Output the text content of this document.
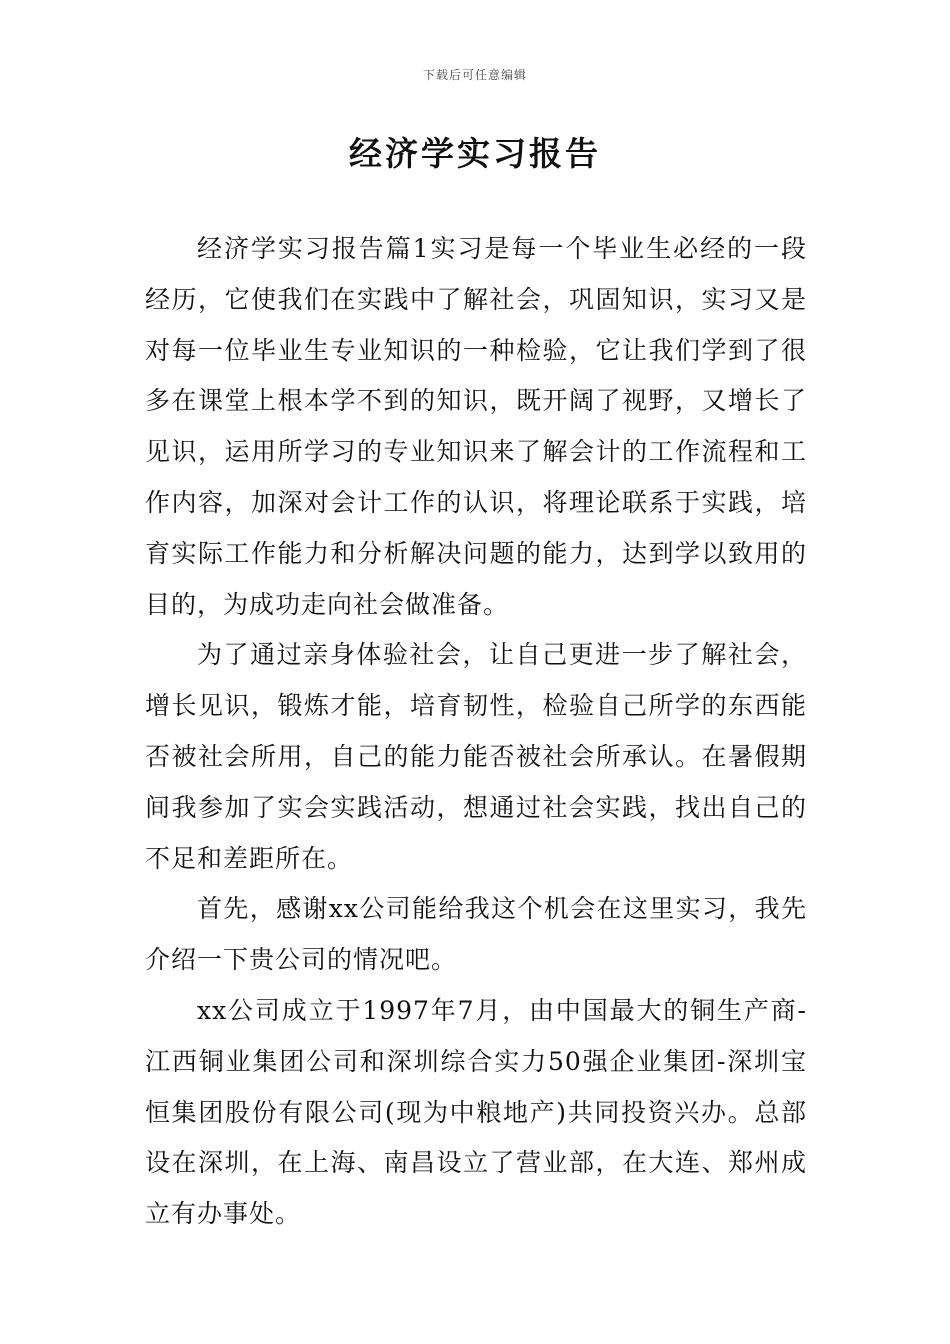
下载后可任意编辑
经济学实习报告

经济学实习报告篇1实习是每一个毕业生必经的一段经历，它使我们在实践中了解社会，巩固知识，实习又是对每一位毕业生专业知识的一种检验，它让我们学到了很多在课堂上根本学不到的知识，既开阔了视野，又增长了见识，运用所学习的专业知识来了解会计的工作流程和工作内容，加深对会计工作的认识，将理论联系于实践，培育实际工作能力和分析解决问题的能力，达到学以致用的目的，为成功走向社会做准备。

为了通过亲身体验社会，让自己更进一步了解社会，增长见识，锻炼才能，培育韧性，检验自己所学的东西能否被社会所用，自己的能力能否被社会所承认。在暑假期间我参加了实会实践活动，想通过社会实践，找出自己的不足和差距所在。

首先，感谢xx公司能给我这个机会在这里实习，我先介绍一下贵公司的情况吧。

xx公司成立于1997年7月，由中国最大的铜生产商-江西铜业集团公司和深圳综合实力50强企业集团-深圳宝恒集团股份有限公司(现为中粮地产)共同投资兴办。总部设在深圳，在上海、南昌设立了营业部，在大连、郑州成立有办事处。
